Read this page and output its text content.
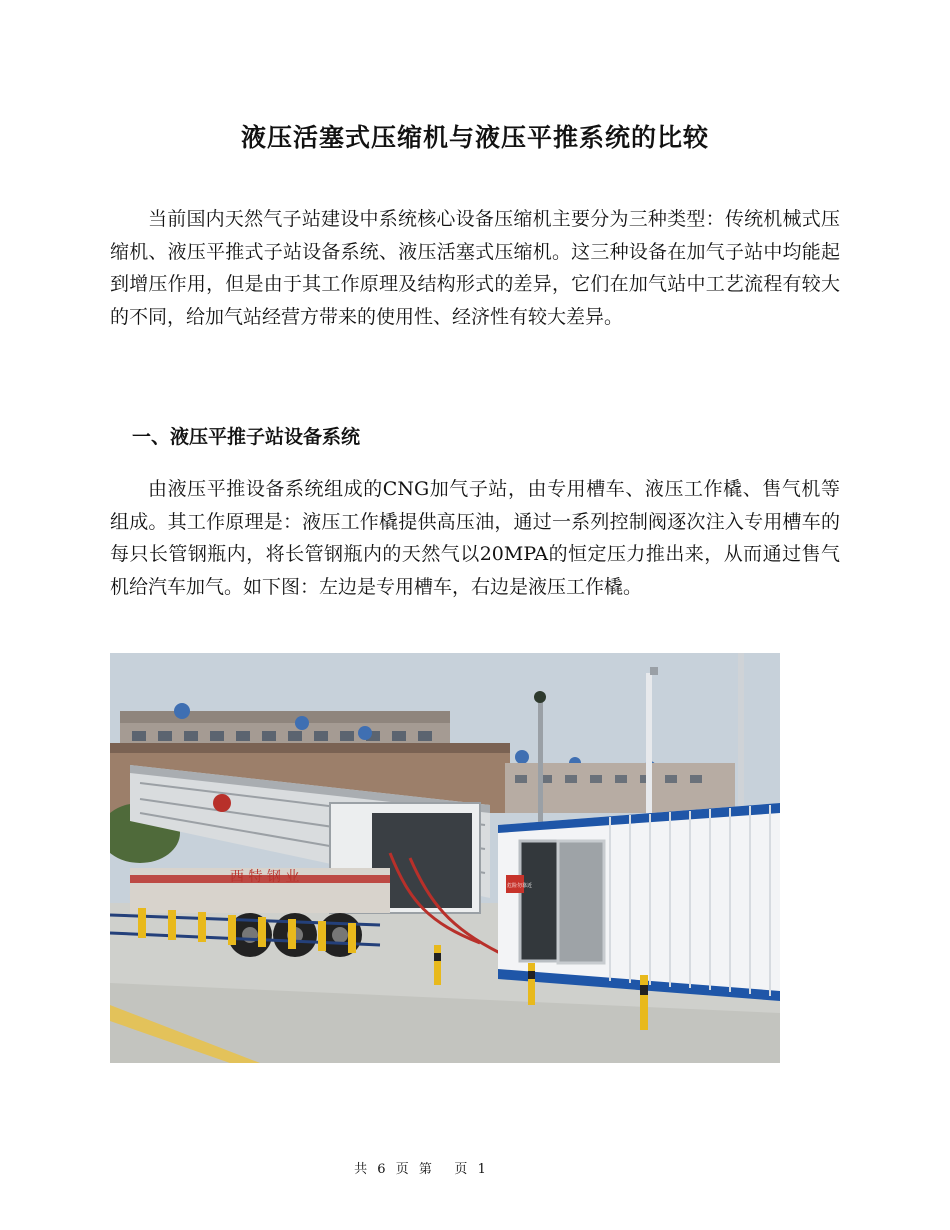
液压活塞式压缩机与液压平推系统的比较

当前国内天然气子站建设中系统核心设备压缩机主要分为三种类型：传统机械式压缩机、液压平推式子站设备系统、液压活塞式压缩机。这三种设备在加气子站中均能起到增压作用，但是由于其工作原理及结构形式的差异，它们在加气站中工艺流程有较大的不同，给加气站经营方带来的使用性、经济性有较大差异。

一、液压平推子站设备系统

由液压平推设备系统组成的CNG加气子站，由专用槽车、液压工作橇、售气机等组成。其工作原理是：液压工作橇提供高压油，通过一系列控制阀逐次注入专用槽车的每只长管钢瓶内，将长管钢瓶内的天然气以20MPA的恒定压力推出来，从而通过售气机给汽车加气。如下图：左边是专用槽车，右边是液压工作橇。

西 特 钢 业
危险勿靠近
共 6 页 第 页 1
